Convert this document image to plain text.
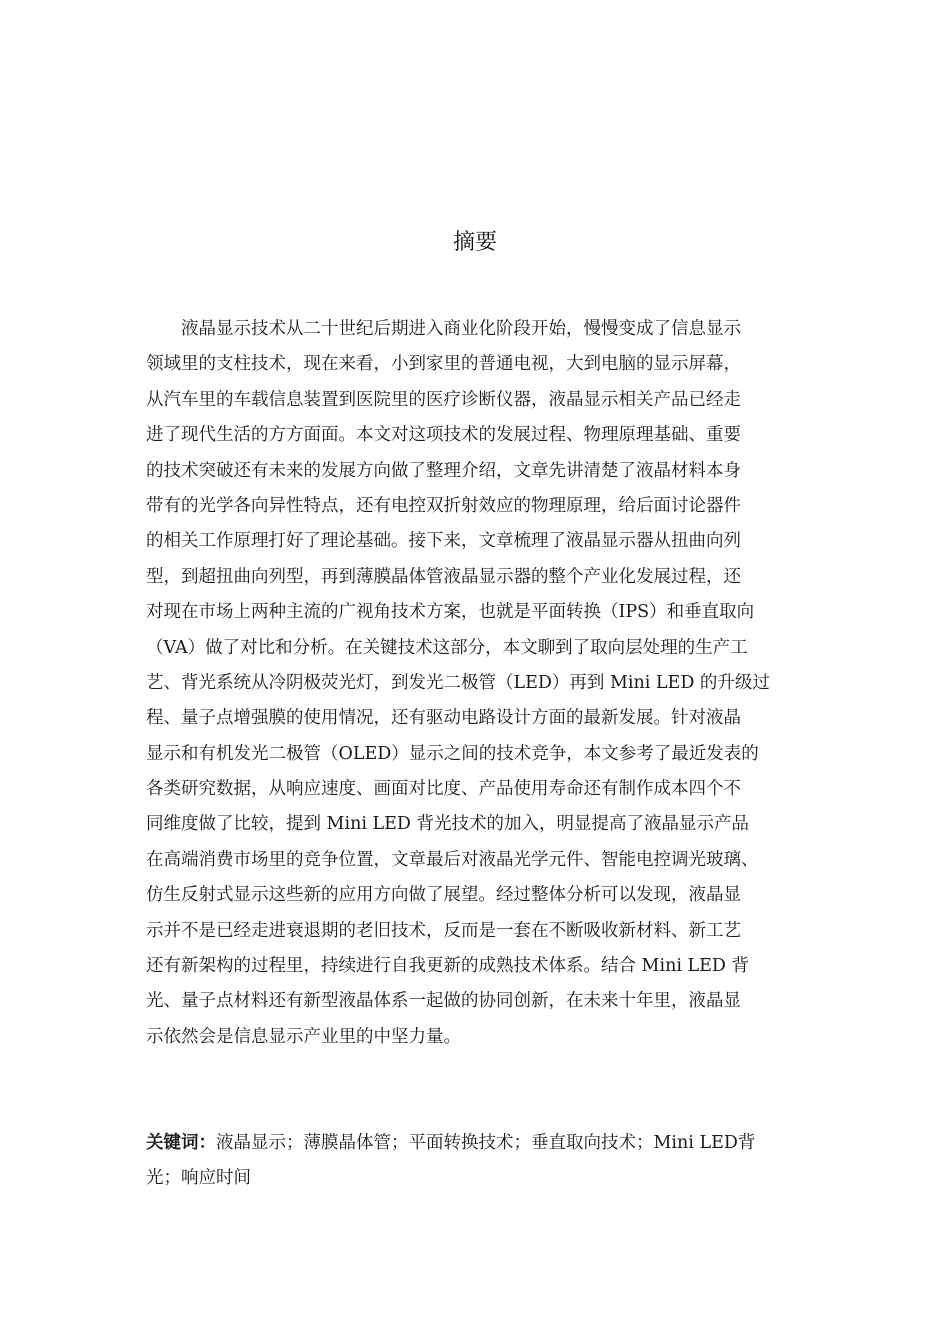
摘要
液晶显示技术从二十世纪后期进入商业化阶段开始，慢慢变成了信息显示
领域里的支柱技术，现在来看，小到家里的普通电视，大到电脑的显示屏幕，
从汽车里的车载信息装置到医院里的医疗诊断仪器，液晶显示相关产品已经走
进了现代生活的方方面面。本文对这项技术的发展过程、物理原理基础、重要
的技术突破还有未来的发展方向做了整理介绍，文章先讲清楚了液晶材料本身
带有的光学各向异性特点，还有电控双折射效应的物理原理，给后面讨论器件
的相关工作原理打好了理论基础。接下来，文章梳理了液晶显示器从扭曲向列
型，到超扭曲向列型，再到薄膜晶体管液晶显示器的整个产业化发展过程，还
对现在市场上两种主流的广视角技术方案，也就是平面转换（IPS）和垂直取向
（VA）做了对比和分析。在关键技术这部分，本文聊到了取向层处理的生产工
艺、背光系统从冷阴极荧光灯，到发光二极管（LED）再到 Mini LED 的升级过
程、量子点增强膜的使用情况，还有驱动电路设计方面的最新发展。针对液晶
显示和有机发光二极管（OLED）显示之间的技术竞争，本文参考了最近发表的
各类研究数据，从响应速度、画面对比度、产品使用寿命还有制作成本四个不
同维度做了比较，提到 Mini LED 背光技术的加入，明显提高了液晶显示产品
在高端消费市场里的竞争位置，文章最后对液晶光学元件、智能电控调光玻璃、
仿生反射式显示这些新的应用方向做了展望。经过整体分析可以发现，液晶显
示并不是已经走进衰退期的老旧技术，反而是一套在不断吸收新材料、新工艺
还有新架构的过程里，持续进行自我更新的成熟技术体系。结合 Mini LED 背
光、量子点材料还有新型液晶体系一起做的协同创新，在未来十年里，液晶显
示依然会是信息显示产业里的中坚力量。
关键词：液晶显示；薄膜晶体管；平面转换技术；垂直取向技术；Mini LED背
光；响应时间
